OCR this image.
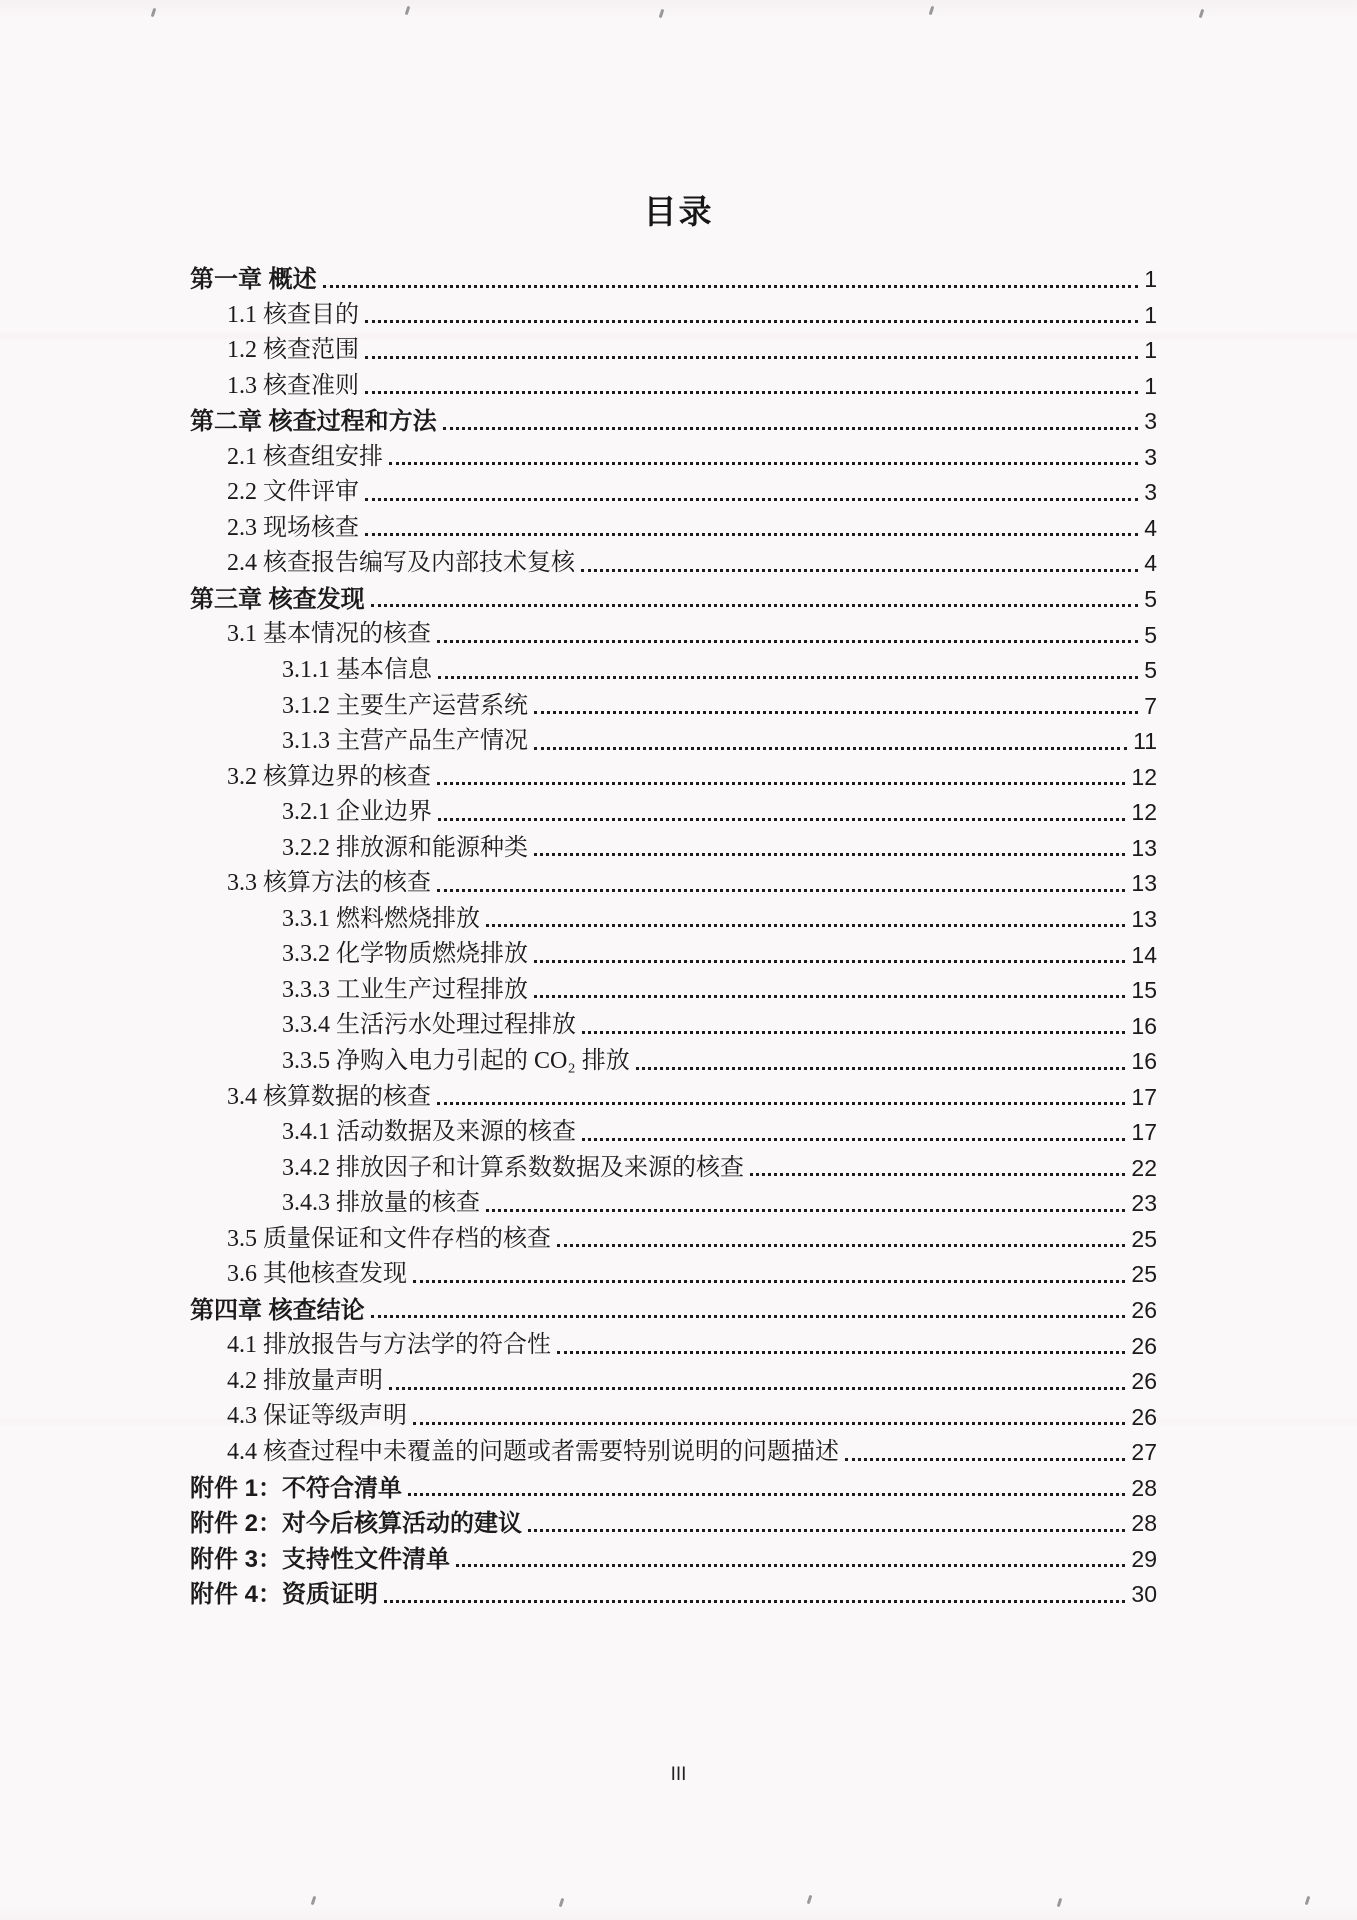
目录
第一章 概述	1
1.1 核查目的	1
1.2 核查范围	1
1.3 核查准则	1
第二章 核查过程和方法	3
2.1 核查组安排	3
2.2 文件评审	3
2.3 现场核查	4
2.4 核查报告编写及内部技术复核	4
第三章 核查发现	5
3.1 基本情况的核查	5
3.1.1 基本信息	5
3.1.2 主要生产运营系统	7
3.1.3 主营产品生产情况	11
3.2 核算边界的核查	12
3.2.1 企业边界	12
3.2.2 排放源和能源种类	13
3.3 核算方法的核查	13
3.3.1 燃料燃烧排放	13
3.3.2 化学物质燃烧排放	14
3.3.3 工业生产过程排放	15
3.3.4 生活污水处理过程排放	16
3.3.5 净购入电力引起的 CO₂ 排放	16
3.4 核算数据的核查	17
3.4.1 活动数据及来源的核查	17
3.4.2 排放因子和计算系数数据及来源的核查	22
3.4.3 排放量的核查	23
3.5 质量保证和文件存档的核查	25
3.6 其他核查发现	25
第四章 核查结论	26
4.1 排放报告与方法学的符合性	26
4.2 排放量声明	26
4.3 保证等级声明	26
4.4 核查过程中未覆盖的问题或者需要特别说明的问题描述	27
附件 1：不符合清单	28
附件 2：对今后核算活动的建议	28
附件 3：支持性文件清单	29
附件 4：资质证明	30
III
